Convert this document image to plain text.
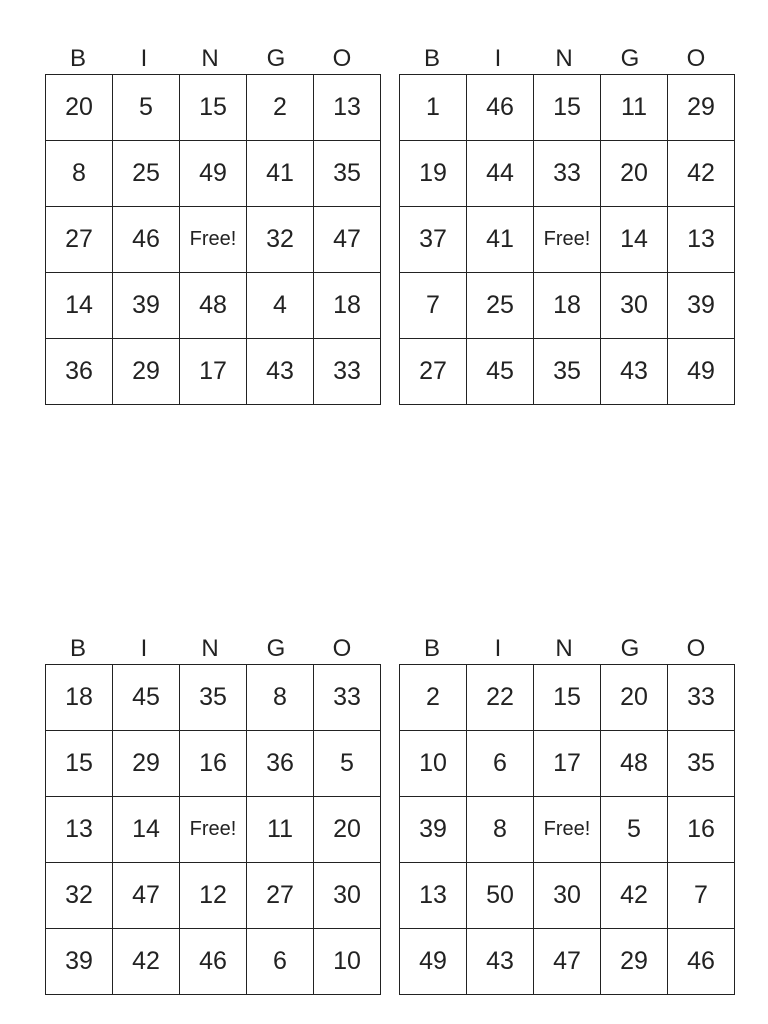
B	I	N	G	O
20	5	15	2	13
8	25	49	41	35
27	46	Free!	32	47
14	39	48	4	18
36	29	17	43	33
B	I	N	G	O
1	46	15	11	29
19	44	33	20	42
37	41	Free!	14	13
7	25	18	30	39
27	45	35	43	49
B	I	N	G	O
18	45	35	8	33
15	29	16	36	5
13	14	Free!	11	20
32	47	12	27	30
39	42	46	6	10
B	I	N	G	O
2	22	15	20	33
10	6	17	48	35
39	8	Free!	5	16
13	50	30	42	7
49	43	47	29	46
